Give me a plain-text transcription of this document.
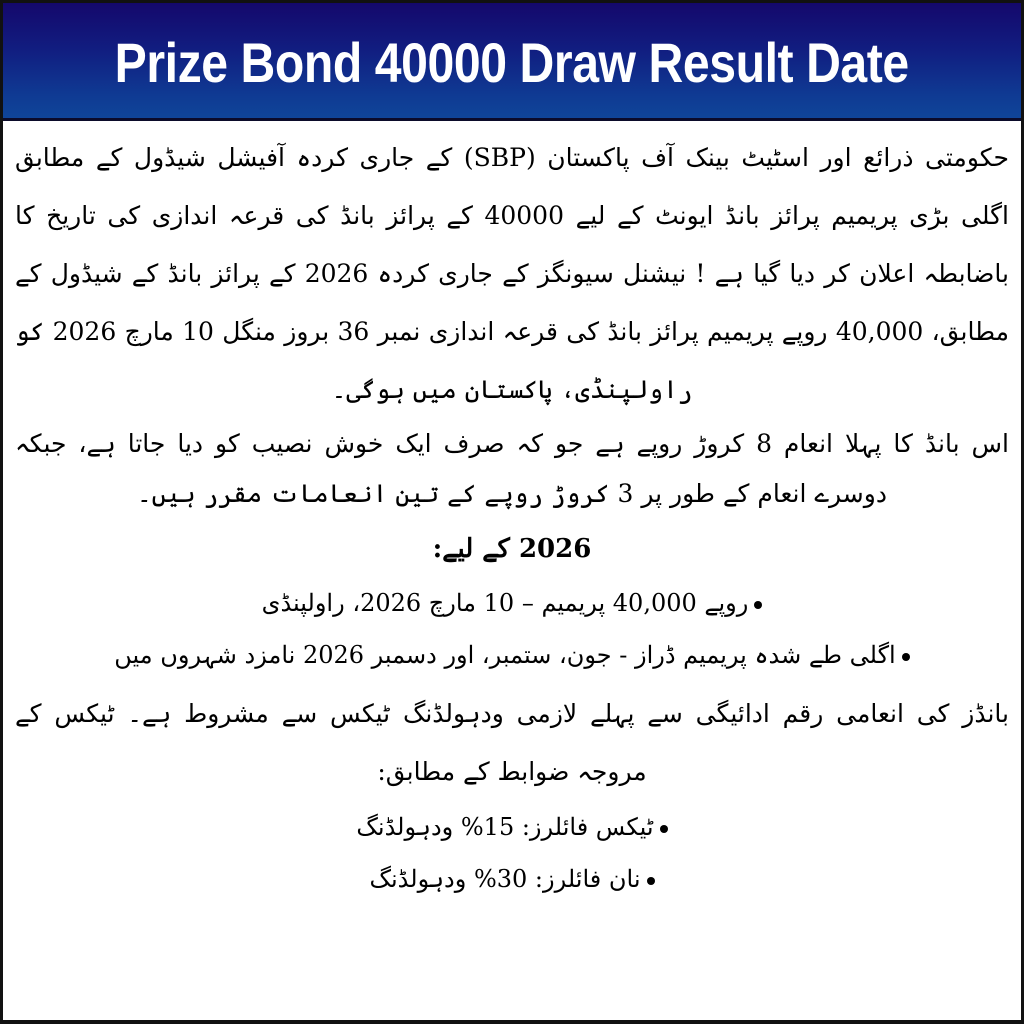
Prize Bond 40000 Draw Result Date

حکومتی ذرائع اور اسٹیٹ بینک آف پاکستان (SBP) کے جاری کردہ آفیشل شیڈول کے مطابق اگلی بڑی پریمیم پرائز بانڈ ایونٹ کے لیے 40000 کے پرائز بانڈ کی قرعہ اندازی کی تاریخ کا باضابطہ اعلان کر دیا گیا ہے ! نیشنل سیونگز کے جاری کردہ 2026 کے پرائز بانڈ کے شیڈول کے مطابق، 40,000 روپے پریمیم پرائز بانڈ کی قرعہ اندازی نمبر 36 بروز منگل 10 مارچ 2026 کو راولپنڈی، پاکستان میں ہوگی۔

اس بانڈ کا پہلا انعام 8 کروڑ روپے ہے جو کہ صرف ایک خوش نصیب کو دیا جاتا ہے، جبکہ دوسرے انعام کے طور پر 3 کروڑ روپے کے تین انعامات مقرر ہیں۔

2026 کے لیے:
روپے 40,000 پریمیم – 10 مارچ 2026، راولپنڈی
اگلی طے شدہ پریمیم ڈراز - جون، ستمبر، اور دسمبر 2026 نامزد شہروں میں

بانڈز کی انعامی رقم ادائیگی سے پہلے لازمی ودہولڈنگ ٹیکس سے مشروط ہے۔ ٹیکس کے مروجہ ضوابط کے مطابق:

ٹیکس فائلرز: 15% ودہولڈنگ
نان فائلرز: 30% ودہولڈنگ
